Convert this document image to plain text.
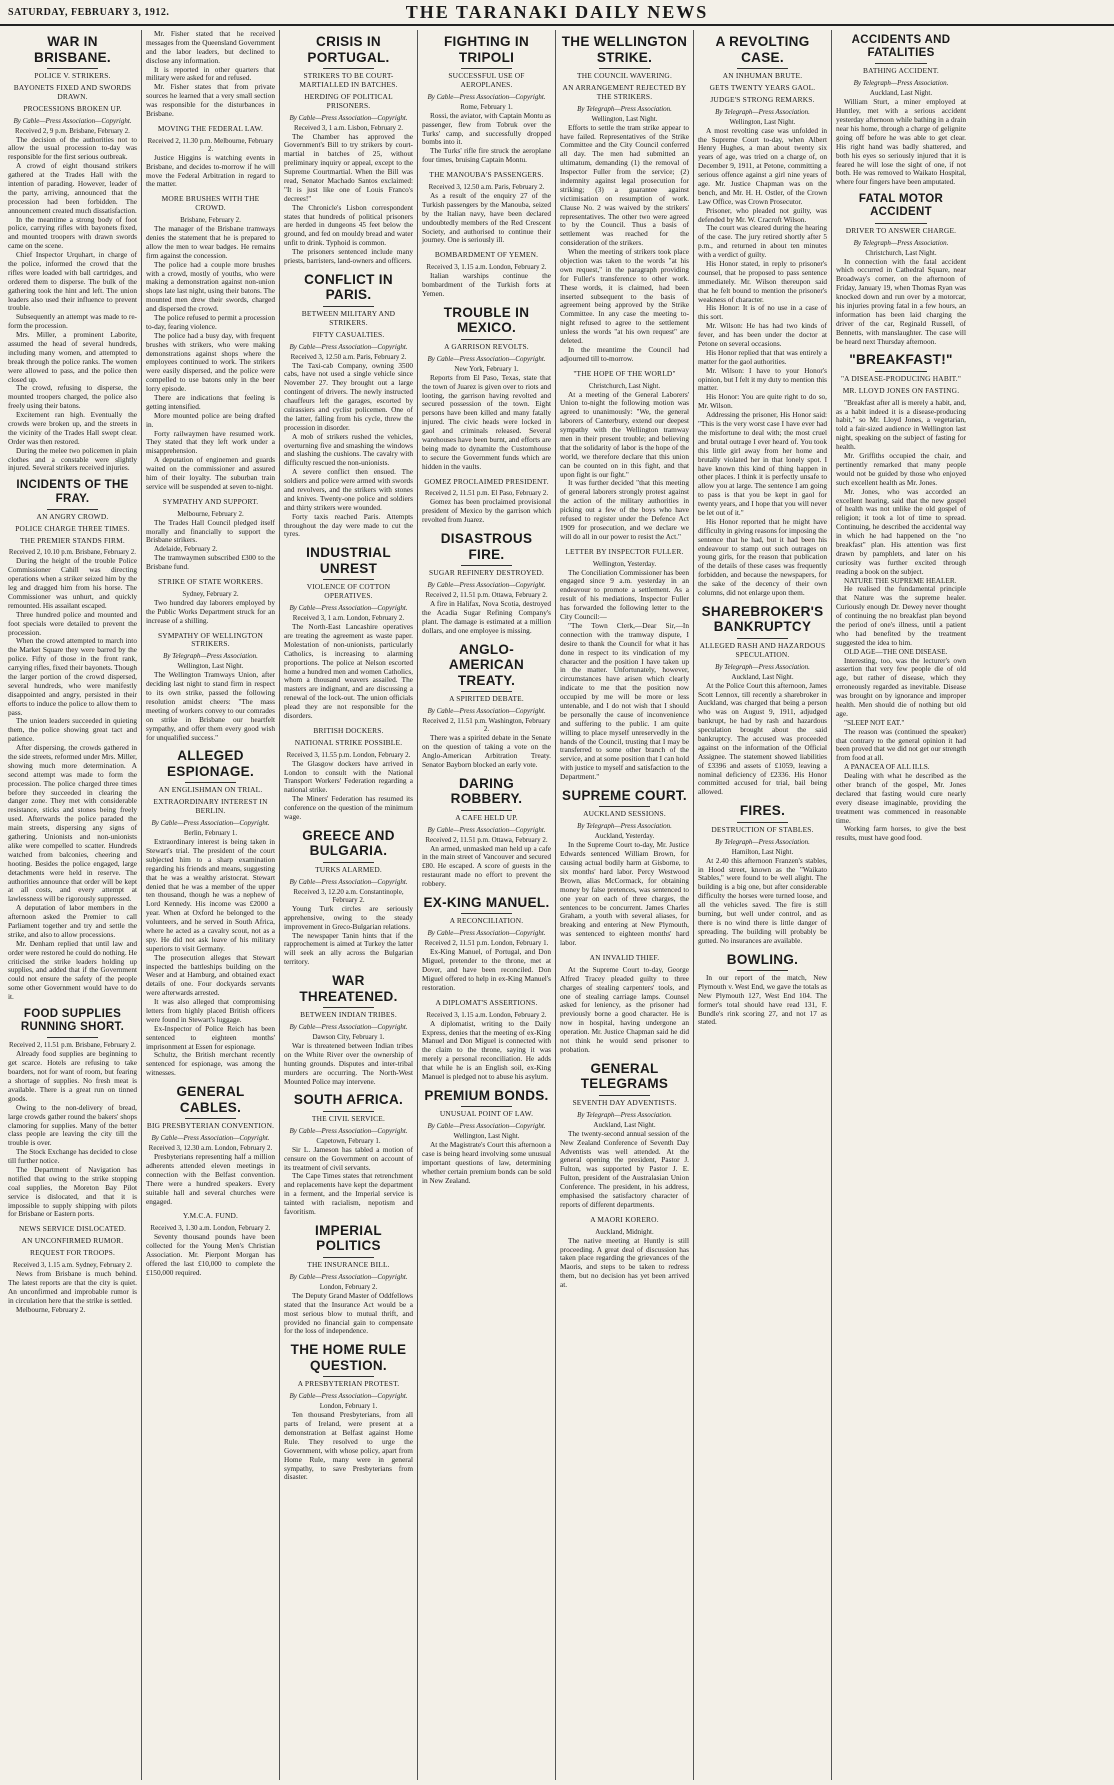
SATURDAY, FEBRUARY 3, 1912.	THE TARANAKI DAILY NEWS
WAR IN BRISBANE.
POLICE V. STRIKERS.
BAYONETS FIXED AND SWORDS DRAWN.
PROCESSIONS BROKEN UP.
By Cable—Press Association—Copyright.
Received 2, 9 p.m. Brisbane, February 2.

The decision of the authorities not to allow the usual procession to-day was responsible for the first serious outbreak.

A crowd of eight thousand strikers gathered at the Trades Hall with the intention of parading. However, leader of the party, arriving, announced that the procession had been forbidden. The announcement created much dissatisfaction.

In the meantime a strong body of foot police, carrying rifles with bayonets fixed, and mounted troopers with drawn swords came on the scene.

Chief Inspector Urquhart, in charge of the police, informed the crowd that the rifles were loaded with ball cartridges, and ordered them to disperse. The bulk of the gathering took the hint and left. The union leaders also used their influence to prevent trouble.

Subsequently an attempt was made to re-form the procession.

Mrs. Miller, a prominent Laborite, assumed the head of several hundreds, including many women, and attempted to break through the police ranks. The women were allowed to pass, and the police then closed up.

The crowd, refusing to disperse, the mounted troopers charged, the police also freely using their batons.

Excitement ran high. Eventually the crowds were broken up, and the streets in the vicinity of the Trades Hall swept clear. Order was then restored.

During the melee two policemen in plain clothes and a constable were slightly injured. Several strikers received injuries.

INCIDENTS OF THE FRAY.
AN ANGRY CROWD.
POLICE CHARGE THREE TIMES.
THE PREMIER STANDS FIRM.
Received 2, 10.10 p.m. Brisbane, February 2.

During the height of the trouble Police Commissioner Cahill was directing operations when a striker seized him by the leg and dragged him from his horse. The Commissioner was unhurt, and quickly remounted. His assailant escaped.

Three hundred police and mounted and foot specials were detailed to prevent the procession.

When the crowd attempted to march into the Market Square they were barred by the police. Fifty of those in the front rank, carrying rifles, fixed their bayonets. Though the larger portion of the crowd dispersed, several hundreds, who were manifestly disappointed and angry, persisted in their efforts to induce the police to allow them to pass.

The union leaders succeeded in quieting them, the police showing great tact and patience.

After dispersing, the crowds gathered in the side streets, reformed under Mrs. Miller, showing much more determination. A second attempt was made to form the procession. The police charged three times before they succeeded in clearing the danger zone. They met with considerable resistance, sticks and stones being freely used. Afterwards the police paraded the main streets, dispersing any signs of gathering. Unionists and non-unionists alike were compelled to scatter. Hundreds watched from balconies, cheering and hooting. Besides the police engaged, large detachments were held in reserve. The authorities announce that order will be kept at all costs, and every attempt at lawlessness will be rigorously suppressed.

A deputation of labor members in the afternoon asked the Premier to call Parliament together and try and settle the strike, and also to allow processions.

Mr. Denham replied that until law and order were restored he could do nothing. He criticised the strike leaders holding up supplies, and added that if the Government could not ensure the safety of the people some other Government would have to do it.

FOOD SUPPLIES RUNNING SHORT.
Received 2, 11.51 p.m. Brisbane, February 2.

Already food supplies are beginning to get scarce. Hotels are refusing to take boarders, not for want of room, but fearing a shortage of supplies. No fresh meat is available. There is a great run on tinned goods.

Owing to the non-delivery of bread, large crowds gather round the bakers' shops clamoring for supplies. Many of the better class people are leaving the city till the trouble is over.

The Stock Exchange has decided to close till further notice.

The Department of Navigation has notified that owing to the strike stopping coal supplies, the Moreton Bay Pilot service is dislocated, and that it is impossible to supply shipping with pilots for Brisbane or Eastern ports.

NEWS SERVICE DISLOCATED.
AN UNCONFIRMED RUMOR.
REQUEST FOR TROOPS.
Received 3, 1.15 a.m. Sydney, February 2.

News from Brisbane is much behind. The latest reports are that the city is quiet. An unconfirmed and improbable rumor is in circulation here that the strike is settled.

Melbourne, February 2.

Mr. Fisher stated that he received messages from the Queensland Government and the labor leaders, but declined to disclose any information.

It is reported in other quarters that military were asked for and refused.

Mr. Fisher states that from private sources he learned that a very small section was responsible for the disturbances in Brisbane.

MOVING THE FEDERAL LAW.
Received 2, 11.30 p.m. Melbourne, February 2.

Justice Higgins is watching events in Brisbane, and decides to-morrow if he will move the Federal Arbitration in regard to the matter.

MORE BRUSHES WITH THE CROWD.
Brisbane, February 2.

The manager of the Brisbane tramways denies the statement that he is prepared to allow the men to wear badges. He remains firm against the concession.

The police had a couple more brushes with a crowd, mostly of youths, who were making a demonstration against non-union shops late last night, using their batons. The mounted men drew their swords, charged and dispersed the crowd.

The police refused to permit a procession to-day, fearing violence.

The police had a busy day, with frequent brushes with strikers, who were making demonstrations against shops where the employees continued to work. The strikers were easily dispersed, and the police were compelled to use batons only in the beer lorry episode.

There are indications that feeling is getting intensified.

More mounted police are being drafted in.

Forty railwaymen have resumed work. They stated that they left work under a misapprehension.

A deputation of enginemen and guards waited on the commissioner and assured him of their loyalty. The suburban train service will be suspended at seven to-night.

SYMPATHY AND SUPPORT.
Melbourne, February 2.

The Trades Hall Council pledged itself morally and financially to support the Brisbane strikers.

Adelaide, February 2.

The tramwaymen subscribed £300 to the Brisbane fund.

STRIKE OF STATE WORKERS.
Sydney, February 2.

Two hundred day laborers employed by the Public Works Department struck for an increase of a shilling.

SYMPATHY OF WELLINGTON STRIKERS.
By Telegraph—Press Association.
Wellington, Last Night.

The Wellington Tramways Union, after deciding last night to stand firm in respect to its own strike, passed the following resolution amidst cheers: "The mass meeting of workers convey to our comrades on strike in Brisbane our heartfelt sympathy, and offer them every good wish for unqualified success."

ALLEGED ESPIONAGE.
AN ENGLISHMAN ON TRIAL.
EXTRAORDINARY INTEREST IN BERLIN.
By Cable—Press Association—Copyright.
Berlin, February 1.

Extraordinary interest is being taken in Stewart's trial. The president of the court subjected him to a sharp examination regarding his friends and means, suggesting that he was a wealthy aristocrat. Stewart denied that he was a member of the upper ten thousand, though he was a nephew of Lord Kennedy. His income was £2000 a year. When at Oxford he belonged to the volunteers, and he served in South Africa, where he acted as a cavalry scout, not as a spy. He did not ask leave of his military superiors to visit Germany.

The prosecution alleges that Stewart inspected the battleships building on the Weser and at Hamburg, and obtained exact details of one. Four dockyards servants were afterwards arrested.

It was also alleged that compromising letters from highly placed British officers were found in Stewart's luggage.

Ex-Inspector of Police Reich has been sentenced to eighteen months' imprisonment at Essen for espionage.

Schultz, the British merchant recently sentenced for espionage, was among the witnesses.

GENERAL CABLES.
BIG PRESBYTERIAN CONVENTION.
By Cable—Press Association—Copyright.
Received 3, 12.30 a.m. London, February 2.

Presbyterians representing half a million adherents attended eleven meetings in connection with the Belfast convention. There were a hundred speakers. Every suitable hall and several churches were engaged.

Y.M.C.A. FUND.
Received 3, 1.30 a.m. London, February 2.

Seventy thousand pounds have been collected for the Young Men's Christian Association. Mr. Pierpont Morgan has offered the last £10,000 to complete the £150,000 required.

CRISIS IN PORTUGAL.
STRIKERS TO BE COURT-MARTIALLED IN BATCHES.
HERDING OF POLITICAL PRISONERS.
By Cable—Press Association—Copyright.
Received 3, 1 a.m. Lisbon, February 2.

The Chamber has approved the Government's Bill to try strikers by court-martial in batches of 25, without preliminary inquiry or appeal, except to the Supreme Courtmartial. When the Bill was read, Senator Machado Santos exclaimed: "It is just like one of Louis Franco's decrees!"

The Chronicle's Lisbon correspondent states that hundreds of political prisoners are herded in dungeons 45 feet below the ground, and fed on mouldy bread and water unfit to drink. Typhoid is common.

The prisoners sentenced include many priests, barristers, land-owners and officers.

CONFLICT IN PARIS.
BETWEEN MILITARY AND STRIKERS.
FIFTY CASUALTIES.
By Cable—Press Association—Copyright.
Received 3, 12.50 a.m. Paris, February 2.

The Taxi-cab Company, owning 3500 cabs, have not used a single vehicle since November 27. They brought out a large contingent of drivers. The newly instructed chauffeurs left the garages, escorted by cuirassiers and cyclist policemen. One of the latter, falling from his cycle, threw the procession in disorder.

A mob of strikers rushed the vehicles, overturning five and smashing the windows and slashing the cushions. The cavalry with difficulty rescued the non-unionists.

A severe conflict then ensued. The soldiers and police were armed with swords and revolvers, and the strikers with stones and knives. Twenty-one police and soldiers and thirty strikers were wounded.

Forty taxis reached Paris. Attempts throughout the day were made to cut the tyres.

INDUSTRIAL UNREST
VIOLENCE OF COTTON OPERATIVES.
By Cable—Press Association—Copyright.
Received 3, 1 a.m. London, February 2.

The North-East Lancashire operatives are treating the agreement as waste paper. Molestation of non-unionists, particularly Catholics, is increasing to alarming proportions. The police at Nelson escorted home a hundred men and women Catholics, whom a thousand weavers assailed. The masters are indignant, and are discussing a renewal of the lock-out. The union officials plead they are not responsible for the disorders.

BRITISH DOCKERS.
NATIONAL STRIKE POSSIBLE.
Received 3, 11.55 p.m. London, February 2.

The Glasgow dockers have arrived in London to consult with the National Transport Workers' Federation regarding a national strike.

The Miners' Federation has resumed its conference on the question of the minimum wage.

GREECE AND BULGARIA.
TURKS ALARMED.
By Cable—Press Association—Copyright.
Received 3, 12.20 a.m. Constantinople, February 2.

Young Turk circles are seriously apprehensive, owing to the steady improvement in Greco-Bulgarian relations.

The newspaper Tanin hints that if the rapprochement is aimed at Turkey the latter will seek an ally across the Bulgarian territory.

WAR THREATENED.
BETWEEN INDIAN TRIBES.
By Cable—Press Association—Copyright.
Dawson City, February 1.

War is threatened between Indian tribes on the White River over the ownership of hunting grounds. Disputes and inter-tribal murders are occurring. The North-West Mounted Police may intervene.

SOUTH AFRICA.
THE CIVIL SERVICE.
By Cable—Press Association—Copyright.
Capetown, February 1.

Sir L. Jameson has tabled a motion of censure on the Government on account of its treatment of civil servants.

The Cape Times states that retrenchment and replacements have kept the department in a ferment, and the Imperial service is tainted with racialism, nepotism and favoritism.

IMPERIAL POLITICS
THE INSURANCE BILL.
By Cable—Press Association—Copyright.
London, February 2.

The Deputy Grand Master of Oddfellows stated that the Insurance Act would be a most serious blow to mutual thrift, and provided no financial gain to compensate for the loss of independence.

THE HOME RULE QUESTION.
A PRESBYTERIAN PROTEST.
By Cable—Press Association—Copyright.
London, February 1.

Ten thousand Presbyterians, from all parts of Ireland, were present at a demonstration at Belfast against Home Rule. They resolved to urge the Government, with whose policy, apart from Home Rule, many were in general sympathy, to save Presbyterians from disaster.

FIGHTING IN TRIPOLI
SUCCESSFUL USE OF AEROPLANES.
By Cable—Press Association—Copyright.
Rome, February 1.

Rossi, the aviator, with Captain Montu as passenger, flew from Tobruk over the Turks' camp, and successfully dropped bombs into it.

The Turks' rifle fire struck the aeroplane four times, bruising Captain Montu.

THE MANOUBA'S PASSENGERS.
Received 3, 12.50 a.m. Paris, February 2.

As a result of the enquiry 27 of the Turkish passengers by the Manouba, seized by the Italian navy, have been declared undoubtedly members of the Red Crescent Society, and authorised to continue their journey. One is seriously ill.

BOMBARDMENT OF YEMEN.
Received 3, 1.15 a.m. London, February 2.

Italian warships continue the bombardment of the Turkish forts at Yemen.

TROUBLE IN MEXICO.
A GARRISON REVOLTS.
By Cable—Press Association—Copyright.
New York, February 1.

Reports from El Paso, Texas, state that the town of Juarez is given over to riots and looting, the garrison having revolted and secured possession of the town. Eight persons have been killed and many fatally injured. The civic heads were locked in gaol and criminals released. Several warehouses have been burnt, and efforts are being made to dynamite the Customhouse to secure the Government funds which are hidden in the vaults.

GOMEZ PROCLAIMED PRESIDENT.
Received 2, 11.51 p.m. El Paso, February 2.

Gomez has been proclaimed provisional president of Mexico by the garrison which revolted from Juarez.

DISASTROUS FIRE.
SUGAR REFINERY DESTROYED.
By Cable—Press Association—Copyright.
Received 2, 11.51 p.m. Ottawa, February 2.

A fire in Halifax, Nova Scotia, destroyed the Acadia Sugar Refining Company's plant. The damage is estimated at a million dollars, and one employee is missing.

ANGLO-AMERICAN TREATY.
A SPIRITED DEBATE.
By Cable—Press Association—Copyright.
Received 2, 11.51 p.m. Washington, February 2.

There was a spirited debate in the Senate on the question of taking a vote on the Anglo-American Arbitration Treaty. Senator Bayborn blocked an early vote.

DARING ROBBERY.
A CAFE HELD UP.
By Cable—Press Association—Copyright.
Received 2, 11.51 p.m. Ottawa, February 2.

An armed, unmasked man held up a cafe in the main street of Vancouver and secured £80. He escaped. A score of guests in the restaurant made no effort to prevent the robbery.

EX-KING MANUEL.
A RECONCILIATION.
By Cable—Press Association—Copyright.
Received 2, 11.51 p.m. London, February 1.

Ex-King Manuel, of Portugal, and Don Miguel, pretender to the throne, met at Dover, and have been reconciled. Don Miguel offered to help in ex-King Manuel's restoration.

A DIPLOMAT'S ASSERTIONS.
Received 3, 1.15 a.m. London, February 2.

A diplomatist, writing to the Daily Express, denies that the meeting of ex-King Manuel and Don Miguel is connected with the claim to the throne, saying it was merely a personal reconciliation. He adds that while he is an English soil, ex-King Manuel is pledged not to abuse his asylum.

PREMIUM BONDS.
UNUSUAL POINT OF LAW.
By Cable—Press Association—Copyright.
Wellington, Last Night.

At the Magistrate's Court this afternoon a case is being heard involving some unusual important questions of law, determining whether certain premium bonds can be sold in New Zealand.

THE WELLINGTON STRIKE.
THE COUNCIL WAVERING.
AN ARRANGEMENT REJECTED BY THE STRIKERS.
By Telegraph—Press Association.
Wellington, Last Night.

Efforts to settle the tram strike appear to have failed. Representatives of the Strike Committee and the City Council conferred all day. The men had submitted an ultimatum, demanding (1) the removal of Inspector Fuller from the service; (2) indemnity against legal prosecution for striking; (3) a guarantee against victimisation on resumption of work. Clause No. 2 was waived by the strikers' representatives. The other two were agreed to by the Council. Thus a basis of settlement was reached for the consideration of the strikers.

When the meeting of strikers took place objection was taken to the words "at his own request," in the paragraph providing for Fuller's transference to other work. These words, it is claimed, had been inserted subsequent to the basis of agreement being approved by the Strike Committee. In any case the meeting to-night refused to agree to the settlement unless the words "at his own request" are deleted.

In the meantime the Council had adjourned till to-morrow.

"THE HOPE OF THE WORLD"
Christchurch, Last Night.

At a meeting of the General Laborers' Union to-night the following motion was agreed to unanimously: "We, the general laborers of Canterbury, extend our deepest sympathy with the Wellington tramway men in their present trouble; and believing that the solidarity of labor is the hope of the world, we therefore declare that this union can be counted on in this fight, and that upon fight is our fight."

It was further decided "that this meeting of general laborers strongly protest against the action of the military authorities in picking out a few of the boys who have refused to register under the Defence Act 1909 for prosecution, and we declare we will do all in our power to resist the Act."

LETTER BY INSPECTOR FULLER.
Wellington, Yesterday.

The Conciliation Commissioner has been engaged since 9 a.m. yesterday in an endeavour to promote a settlement. As a result of his mediations, Inspector Fuller has forwarded the following letter to the City Council:—

"The Town Clerk,—Dear Sir,—In connection with the tramway dispute, I desire to thank the Council for what it has done in respect to its vindication of my character and the position I have taken up in the matter. Unfortunately, however, circumstances have arisen which clearly indicate to me that the position now occupied by me will be more or less untenable, and I do not wish that I should be personally the cause of inconvenience and suffering to the public. I am quite willing to place myself unreservedly in the hands of the Council, trusting that I may be transferred to some other branch of the service, and at some position that I can hold with justice to myself and satisfaction to the Department."

SUPREME COURT.
AUCKLAND SESSIONS.
By Telegraph—Press Association.
Auckland, Yesterday.

In the Supreme Court to-day, Mr. Justice Edwards sentenced William Brown, for causing actual bodily harm at Gisborne, to six months' hard labor. Percy Westwood Brown, alias McCormack, for obtaining money by false pretences, was sentenced to one year on each of three charges, the sentences to be concurrent. James Charles Graham, a youth with several aliases, for breaking and entering at New Plymouth, was sentenced to eighteen months' hard labor.

AN INVALID THIEF.

At the Supreme Court to-day, George Alfred Tracey pleaded guilty to three charges of stealing carpenters' tools, and one of stealing carriage lamps. Counsel asked for leniency, as the prisoner had previously borne a good character. He is now in hospital, having undergone an operation. Mr. Justice Chapman said he did not think he would send prisoner to probation.

GENERAL TELEGRAMS
SEVENTH DAY ADVENTISTS.
By Telegraph—Press Association.
Auckland, Last Night.

The twenty-second annual session of the New Zealand Conference of Seventh Day Adventists was well attended. At the general opening the president, Pastor J. Fulton, was supported by Pastor J. E. Fulton, president of the Australasian Union Conference. The president, in his address, emphasised the satisfactory character of reports of different departments.

A MAORI KORERO.
Auckland, Midnight.

The native meeting at Huntly is still proceeding. A great deal of discussion has taken place regarding the grievances of the Maoris, and steps to be taken to redress them, but no decision has yet been arrived at.

A REVOLTING CASE.
AN INHUMAN BRUTE.
GETS TWENTY YEARS GAOL.
JUDGE'S STRONG REMARKS.
By Telegraph—Press Association.
Wellington, Last Night.

A most revolting case was unfolded in the Supreme Court to-day, when Albert Henry Hughes, a man about twenty six years of age, was tried on a charge of, on December 9, 1911, at Petone, committing a serious offence against a girl nine years of age. Mr. Justice Chapman was on the bench, and Mr. H. H. Ostler, of the Crown Law Office, was Crown Prosecutor.

Prisoner, who pleaded not guilty, was defended by Mr. W. Cracroft Wilson.

The court was cleared during the hearing of the case. The jury retired shortly after 5 p.m., and returned in about ten minutes with a verdict of guilty.

His Honor stated, in reply to prisoner's counsel, that he proposed to pass sentence immediately. Mr. Wilson thereupon said that he felt bound to mention the prisoner's weakness of character.

His Honor: It is of no use in a case of this sort.

Mr. Wilson: He has had two kinds of fever, and has been under the doctor at Petone on several occasions.

His Honor replied that that was entirely a matter for the gaol authorities.

Mr. Wilson: I have to your Honor's opinion, but I felt it my duty to mention this matter.

His Honor: You are quite right to do so, Mr. Wilson.

Addressing the prisoner, His Honor said: "This is the very worst case I have ever had the misfortune to deal with; the most cruel and brutal outrage I ever heard of. You took this little girl away from her home and brutally violated her in that lonely spot. I have known this kind of thing happen in other places. I think it is perfectly unsafe to allow you at large. The sentence I am going to pass is that you be kept in gaol for twenty years, and I hope that you will never be let out of it."

His Honor reported that he might have difficulty in giving reasons for imposing the sentence that he had, but it had been his endeavour to stamp out such outrages on young girls, for the reason that publication of the details of these cases was frequently forbidden, and because the newspapers, for the sake of the decency of their own columns, did not enlarge upon them.

SHAREBROKER'S BANKRUPTCY
ALLEGED RASH AND HAZARDOUS SPECULATION.
By Telegraph—Press Association.
Auckland, Last Night.

At the Police Court this afternoon, James Scott Lennox, till recently a sharebroker in Auckland, was charged that being a person who was on August 9, 1911, adjudged bankrupt, he had by rash and hazardous speculation brought about the said bankruptcy. The accused was proceeded against on the information of the Official Assignee. The statement showed liabilities of £3396 and assets of £1059, leaving a nominal deficiency of £2336. His Honor committed accused for trial, bail being allowed.

FIRES.
DESTRUCTION OF STABLES.
By Telegraph—Press Association.
Hamilton, Last Night.

At 2.40 this afternoon Franzen's stables, in Hood street, known as the "Waikato Stables," were found to be well alight. The building is a big one, but after considerable difficulty the horses were turned loose, and all the vehicles saved. The fire is still burning, but well under control, and as there is no wind there is little danger of spreading. The building will probably be gutted. No insurances are available.

BOWLING.

In our report of the match, New Plymouth v. West End, we gave the totals as New Plymouth 127, West End 104. The former's total should have read 131, F. Bundle's rink scoring 27, and not 17 as stated.

ACCIDENTS AND FATALITIES
BATHING ACCIDENT.
By Telegraph—Press Association.
Auckland, Last Night.

William Sturt, a miner employed at Huntley, met with a serious accident yesterday afternoon while bathing in a drain near his home, through a charge of gelignite going off before he was able to get clear. His right hand was badly shattered, and both his eyes so seriously injured that it is feared he will lose the sight of one, if not both. He was removed to Waikato Hospital, where four fingers have been amputated.

FATAL MOTOR ACCIDENT
DRIVER TO ANSWER CHARGE.
By Telegraph—Press Association.
Christchurch, Last Night.

In connection with the fatal accident which occurred in Cathedral Square, near Broadway's corner, on the afternoon of Friday, January 19, when Thomas Ryan was knocked down and run over by a motorcar, his injuries proving fatal in a few hours, an information has been laid charging the driver of the car, Reginald Russell, of Bennetts, with manslaughter. The case will be heard next Thursday afternoon.

"BREAKFAST!"
"A DISEASE-PRODUCING HABIT."
MR. LLOYD JONES ON FASTING.

"Breakfast after all is merely a habit, and, as a habit indeed it is a disease-producing habit," so Mr. Lloyd Jones, a vegetarian, told a fair-sized audience in Wellington last night, speaking on the subject of fasting for health.

Mr. Griffiths occupied the chair, and pertinently remarked that many people would not be guided by those who enjoyed such excellent health as Mr. Jones.

Mr. Jones, who was accorded an excellent hearing, said that the new gospel of health was not unlike the old gospel of religion; it took a lot of time to spread. Continuing, he described the accidental way in which he had happened on the "no breakfast" plan. His attention was first drawn by pamphlets, and later on his curiosity was further excited through reading a book on the subject.

NATURE THE SUPREME HEALER.

He realised the fundamental principle that Nature was the supreme healer. Curiously enough Dr. Dewey never thought of continuing the no breakfast plan beyond the period of one's illness, until a patient who had benefited by the treatment suggested the idea to him.

OLD AGE—THE ONE DISEASE.

Interesting, too, was the lecturer's own assertion that very few people die of old age, but rather of disease, which they erroneously regarded as inevitable. Disease was brought on by ignorance and improper health. Men should die of nothing but old age.

"SLEEP NOT EAT."

The reason was (continued the speaker) that contrary to the general opinion it had been proved that we did not get our strength from food at all.

A PANACEA OF ALL ILLS.

Dealing with what he described as the other branch of the gospel, Mr. Jones declared that fasting would cure nearly every disease imaginable, providing the treatment was commenced in reasonable time.

Working farm horses, to give the best results, must have good food.
